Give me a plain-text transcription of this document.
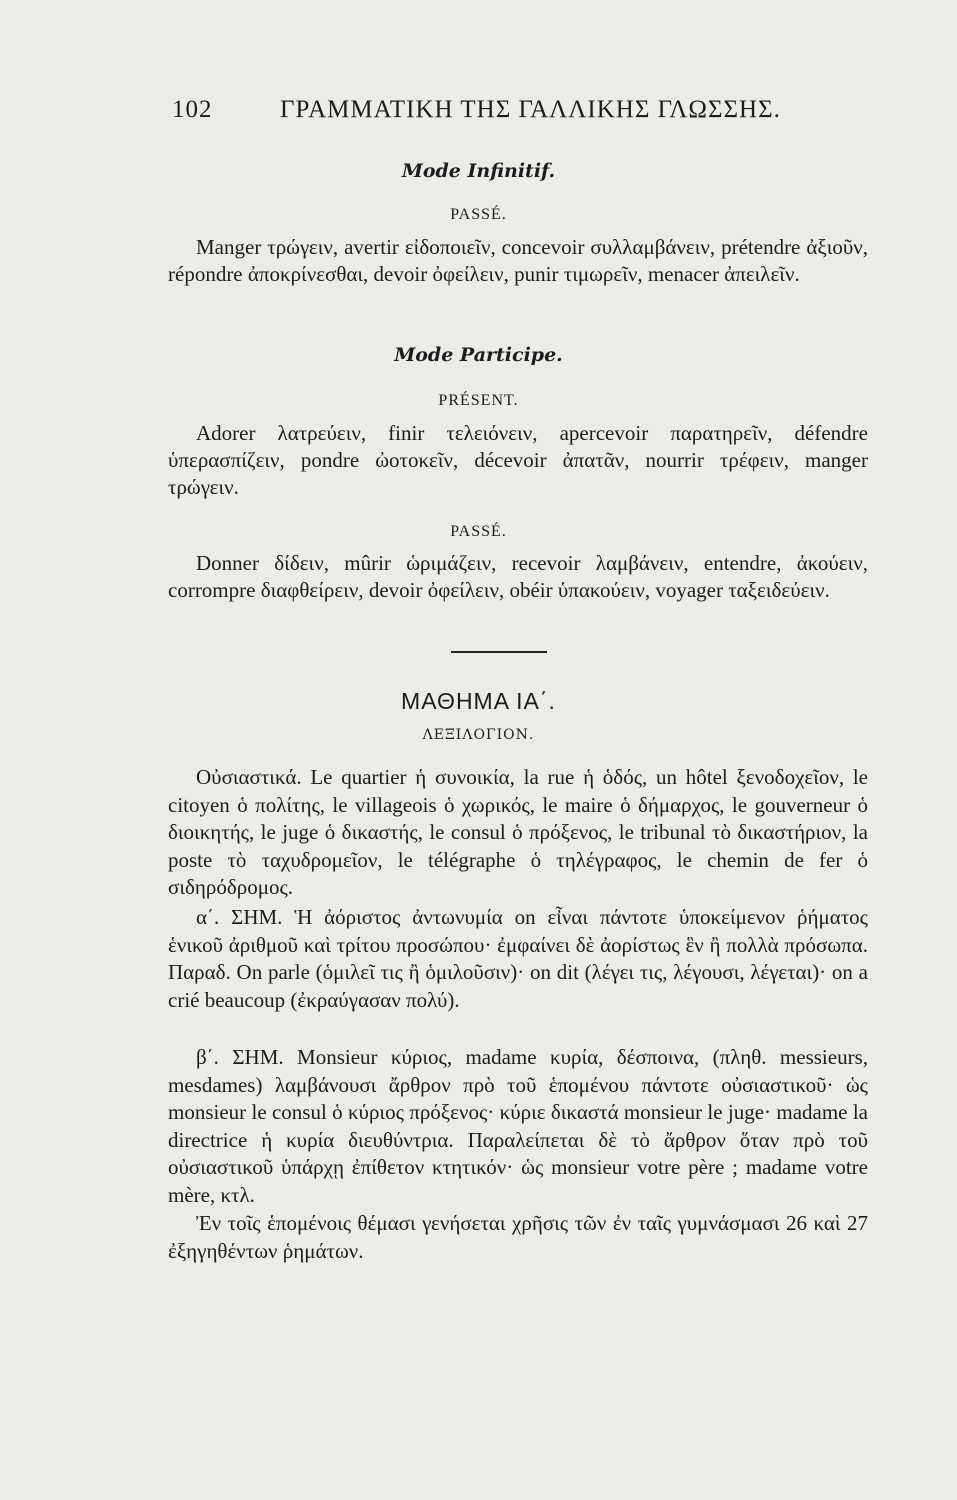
102	ΓΡΑΜΜΑΤΙΚΗ ΤΗΣ ΓΑΛΛΙΚΗΣ ΓΛΩΣΣΗΣ.
Mode Infinitif.
PASSÉ.

Manger τρώγειν, avertir εἰδοποιεῖν, concevoir συλλαμβάνειν, prétendre ἀξιοῦν, répondre ἀποκρίνεσθαι, devoir ὀφείλειν, punir τιμωρεῖν, menacer ἀπειλεῖν.

Mode Participe.
PRÉSENT.

Adorer λατρεύειν, finir τελειόνειν, apercevoir παρατηρεῖν, défendre ὑπερασπίζειν, pondre ὠοτοκεῖν, décevoir ἀπατᾶν, nourrir τρέφειν, manger τρώγειν.

PASSÉ.

Donner δίδειν, mûrir ὡριμάζειν, recevoir λαμβάνειν, entendre, ἀκούειν, corrompre διαφθείρειν, devoir ὀφείλειν, obéir ὑπακούειν, voyager ταξειδεύειν.

ΜΑΘΗΜΑ ΙΑ΄.
ΛΕΞΙΛΟΓΙΟΝ.

Οὐσιαστικά. Le quartier ἡ συνοικία, la rue ἡ ὁδός, un hôtel ξενοδοχεῖον, le citoyen ὁ πολίτης, le villageois ὁ χωρικός, le maire ὁ δήμαρχος, le gouverneur ὁ διοικητής, le juge ὁ δικαστής, le consul ὁ πρόξενος, le tribunal τὸ δικαστήριον, la poste τὸ ταχυδρομεῖον, le télégraphe ὁ τηλέγραφος, le chemin de fer ὁ σιδηρόδρομος.

α΄. ΣΗΜ. Ἡ ἀόριστος ἀντωνυμία on εἶναι πάντοτε ὑποκείμενον ῥήματος ἑνικοῦ ἀριθμοῦ καὶ τρίτου προσώπου· ἐμφαίνει δὲ ἀορίστως ἓν ἢ πολλὰ πρόσωπα. Παραδ. On parle (ὁμιλεῖ τις ἢ ὁμιλοῦσιν)· on dit (λέγει τις, λέγουσι, λέγεται)· on a crié beaucoup (ἐκραύγασαν πολύ).

β΄. ΣΗΜ. Monsieur κύριος, madame κυρία, δέσποινα, (πληθ. messieurs, mesdames) λαμβάνουσι ἄρθρον πρὸ τοῦ ἑπομένου πάντοτε οὐσιαστικοῦ· ὡς monsieur le consul ὁ κύριος πρόξενος· κύριε δικαστά monsieur le juge· madame la directrice ἡ κυρία διευθύντρια. Παραλείπεται δὲ τὸ ἄρθρον ὅταν πρὸ τοῦ οὐσιαστικοῦ ὑπάρχῃ ἐπίθετον κτητικόν· ὡς monsieur votre père ; madame votre mère, κτλ.

Ἐν τοῖς ἑπομένοις θέμασι γενήσεται χρῆσις τῶν ἐν ταῖς γυμνάσμασι 26 καὶ 27 ἐξηγηθέντων ῥημάτων.
